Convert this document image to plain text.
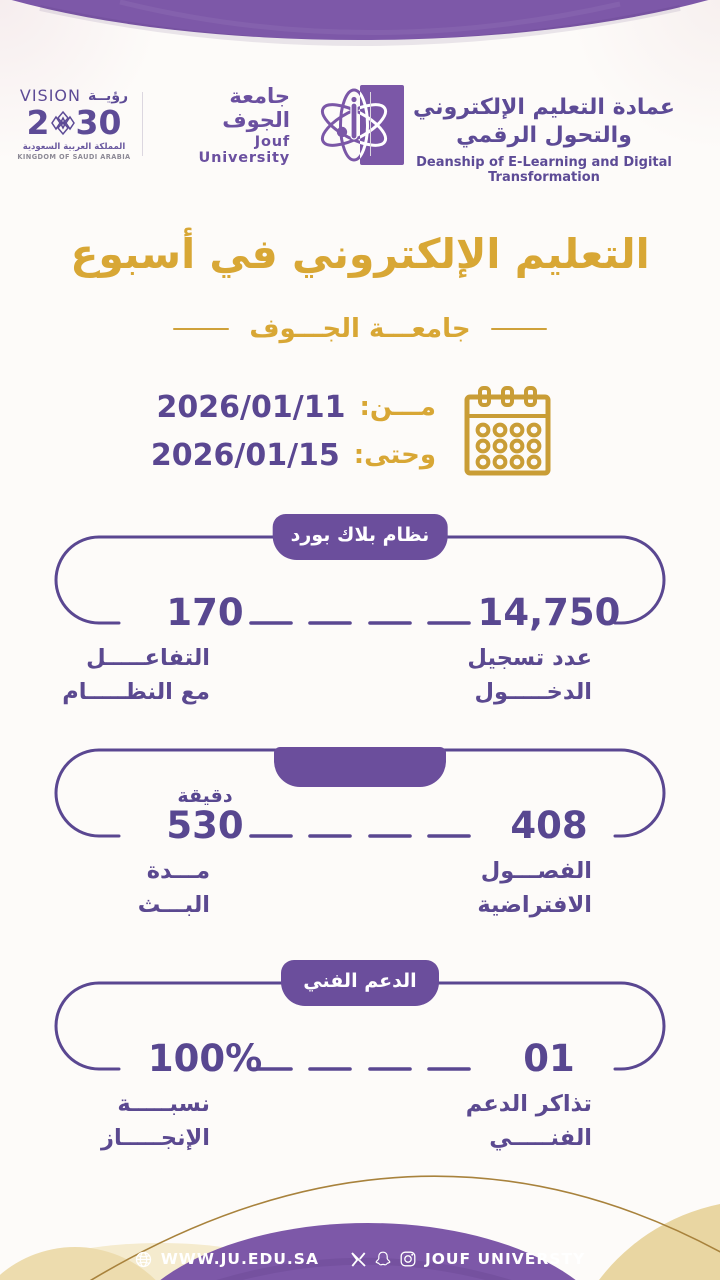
VISION رؤيــة
2 30
المملكة العربية السعودية
KINGDOM OF SAUDI ARABIA
جامعة الجوف
Jouf University
عمادة التعليم الإلكتروني والتحول الرقمي
Deanship of E-Learning and Digital Transformation
التعليم الإلكتروني في أسبوع
جامعـــة الجـــوف
مـــن:
2026/01/11
وحتى:
2026/01/15
نظام بلاك بورد
14,750
170
عدد تسجيل
الدخـــــول
التفاعـــــل
مع النظـــــام
408
دقيقة
530
الفصـــول
الافتراضية
مـــدة
البـــث
الدعم الفني
01
100%
تذاكر الدعم
الفنـــــي
نسبـــــة
الإنجـــــاز
WWW.JU.EDU.SA	JOUF UNIVERSTY
